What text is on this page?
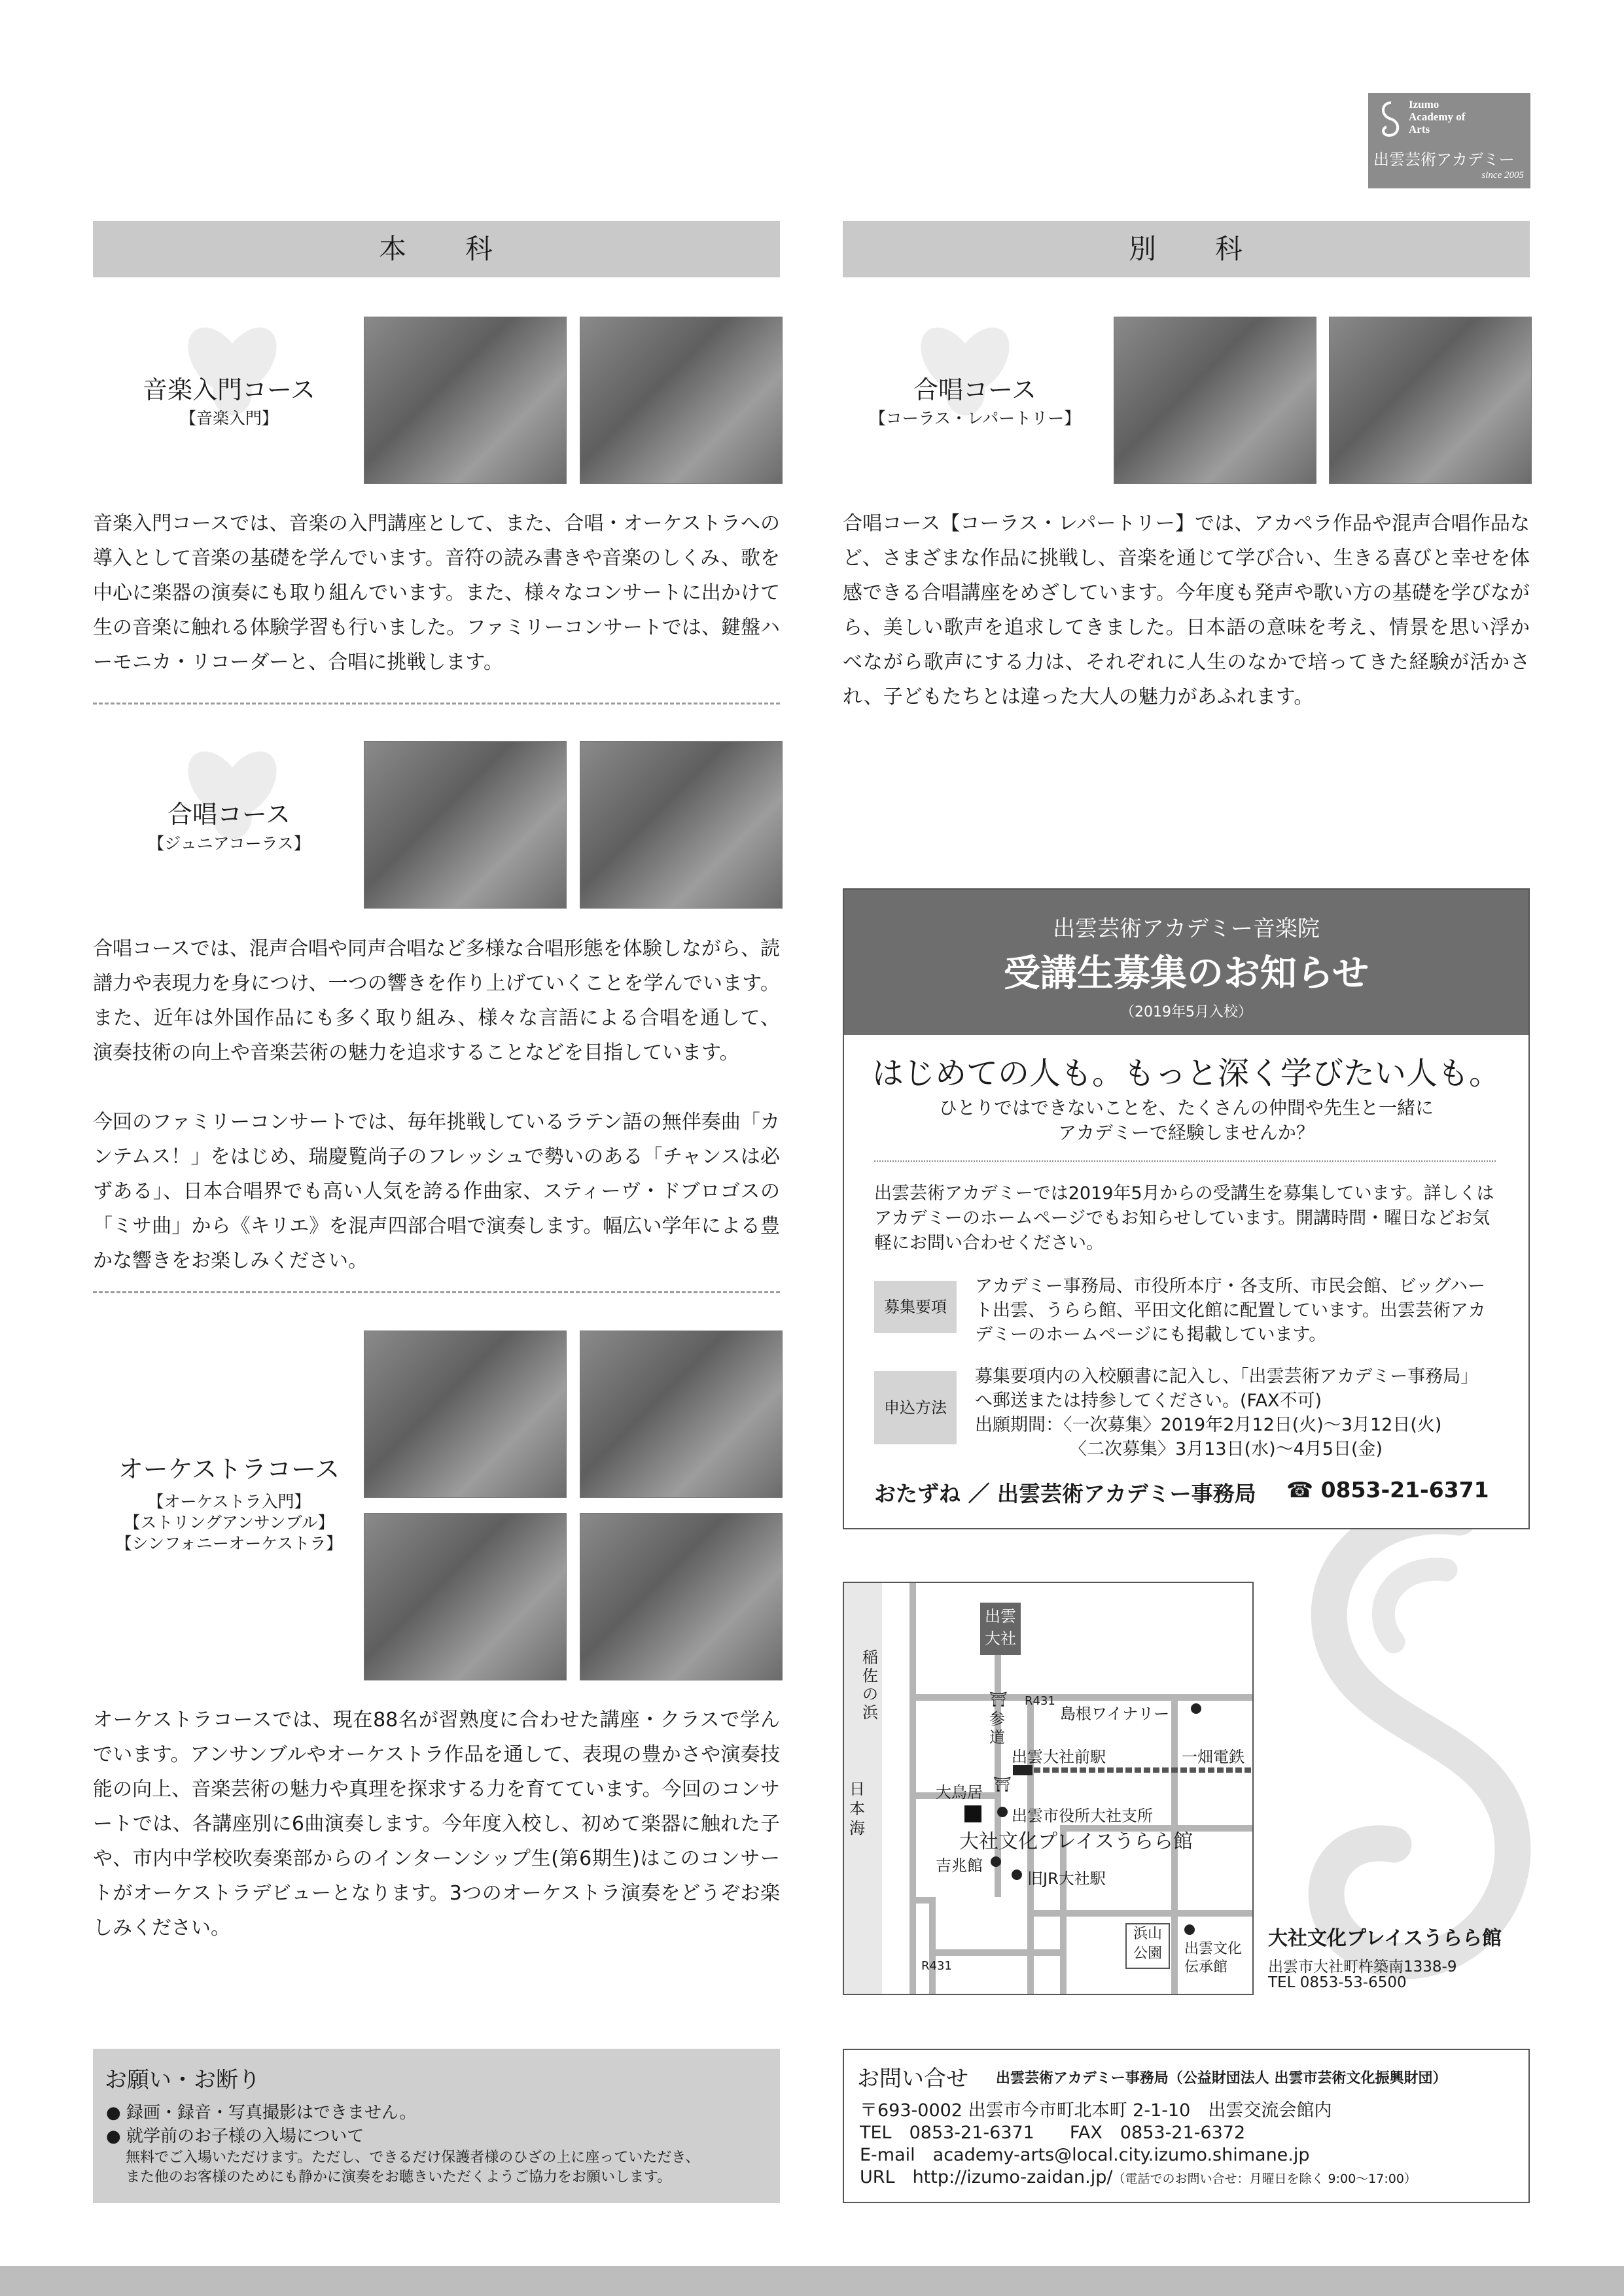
Izumo
Academy of
Arts
出雲芸術アカデミー
since 2005
本　　科	別　　科
音楽入門コース
【音楽入門】
音楽入門コースでは、音楽の入門講座として、また、合唱・オーケストラへの導入として音楽の基礎を学んでいます。音符の読み書きや音楽のしくみ、歌を中心に楽器の演奏にも取り組んでいます。また、様々なコンサートに出かけて生の音楽に触れる体験学習も行いました。ファミリーコンサートでは、鍵盤ハーモニカ・リコーダーと、合唱に挑戦します。
合唱コース
【ジュニアコーラス】
合唱コースでは、混声合唱や同声合唱など多様な合唱形態を体験しながら、読譜力や表現力を身につけ、一つの響きを作り上げていくことを学んでいます。また、近年は外国作品にも多く取り組み、様々な言語による合唱を通して、演奏技術の向上や音楽芸術の魅力を追求することなどを目指しています。
今回のファミリーコンサートでは、毎年挑戦しているラテン語の無伴奏曲「カンテムス！」をはじめ、瑞慶覧尚子のフレッシュで勢いのある「チャンスは必ずある」、日本合唱界でも高い人気を誇る作曲家、スティーヴ・ドブロゴスの「ミサ曲」から《キリエ》を混声四部合唱で演奏します。幅広い学年による豊かな響きをお楽しみください。
オーケストラコース
【オーケストラ入門】
【ストリングアンサンブル】
【シンフォニーオーケストラ】
オーケストラコースでは、現在88名が習熟度に合わせた講座・クラスで学んでいます。アンサンブルやオーケストラ作品を通して、表現の豊かさや演奏技能の向上、音楽芸術の魅力や真理を探求する力を育てています。今回のコンサートでは、各講座別に6曲演奏します。今年度入校し、初めて楽器に触れた子や、市内中学校吹奏楽部からのインターンシップ生(第6期生)はこのコンサートがオーケストラデビューとなります。3つのオーケストラ演奏をどうぞお楽しみください。
お願い・お断り
● 録画・録音・写真撮影はできません。
● 就学前のお子様の入場について
無料でご入場いただけます。ただし、できるだけ保護者様のひざの上に座っていただき、
また他のお客様のためにも静かに演奏をお聴きいただくようご協力をお願いします。
合唱コース
【コーラス・レパートリー】
合唱コース【コーラス・レパートリー】では、アカペラ作品や混声合唱作品など、さまざまな作品に挑戦し、音楽を通じて学び合い、生きる喜びと幸せを体感できる合唱講座をめざしています。今年度も発声や歌い方の基礎を学びながら、美しい歌声を追求してきました。日本語の意味を考え、情景を思い浮かべながら歌声にする力は、それぞれに人生のなかで培ってきた経験が活かされ、子どもたちとは違った大人の魅力があふれます。
出雲芸術アカデミー音楽院
受講生募集のお知らせ
（2019年5月入校）
はじめての人も。もっと深く学びたい人も。
ひとりではできないことを、たくさんの仲間や先生と一緒に
アカデミーで経験しませんか？
出雲芸術アカデミーでは2019年5月からの受講生を募集しています。詳しくはアカデミーのホームページでもお知らせしています。開講時間・曜日などお気軽にお問い合わせください。
募集要項
アカデミー事務局、市役所本庁・各支所、市民会館、ビッグハート出雲、うらら館、平田文化館に配置しています。出雲芸術アカデミーのホームページにも掲載しています。
申込方法
募集要項内の入校願書に記入し、「出雲芸術アカデミー事務局」
へ郵送または持参してください。(FAX不可)
出願期間：〈一次募集〉2019年2月12日(火)～3月12日(火)
〈二次募集〉3月13日(水)～4月5日(金)
おたずね ／ 出雲芸術アカデミー事務局 ☎ 0853-21-6371
出雲
大社
稲
佐
の
浜
日
本
海
R431
R431
⛩
参
道
島根ワイナリー
出雲大社前駅	一畑電鉄
大鳥居 ⛩
出雲市役所大社支所
大社文化プレイスうらら館
吉兆館
旧JR大社駅
浜山
公園	出雲文化
伝承館
大社文化プレイスうらら館
出雲市大社町杵築南1338-9
TEL 0853-53-6500
お問い合せ 出雲芸術アカデミー事務局（公益財団法人 出雲市芸術文化振興財団）
〒693-0002 出雲市今市町北本町 2-1-10　出雲交流会館内
TEL　0853-21-6371　　FAX　0853-21-6372
E-mail　academy-arts@local.city.izumo.shimane.jp
URL　http://izumo-zaidan.jp/（電話でのお問い合せ：月曜日を除く 9:00～17:00）
